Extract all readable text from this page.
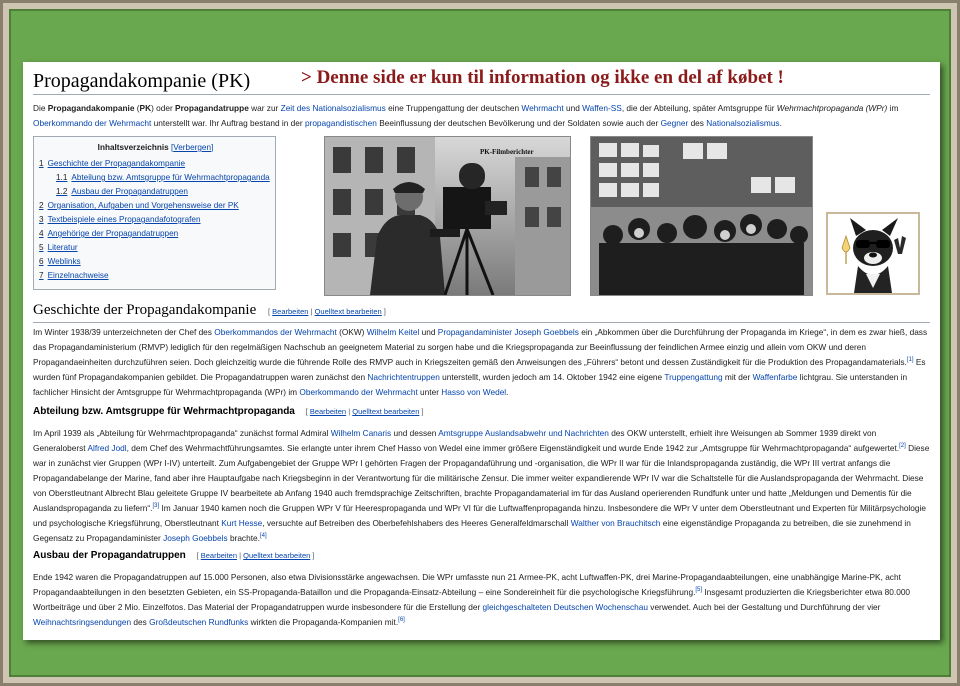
Propagandakompanie (PK)	> Denne side er kun til information og ikke en del af købet !
Die Propagandakompanie (PK) oder Propagandatruppe war zur Zeit des Nationalsozialismus eine Truppengattung der deutschen Wehrmacht und Waffen-SS, die der Abteilung, später Amtsgruppe für Wehrmachtpropaganda (WPr) im Oberkommando der Wehrmacht unterstellt war. Ihr Auftrag bestand in der propagandistischen Beeinflussung der deutschen Bevölkerung und der Soldaten sowie auch der Gegner des Nationalsozialismus.
Inhaltsverzeichnis [Verbergen]
1 Geschichte der Propagandakompanie
1.1 Abteilung bzw. Amtsgruppe für Wehrmachtpropaganda
1.2 Ausbau der Propagandatruppen
2 Organisation, Aufgaben und Vorgehensweise der PK
3 Textbeispiele eines Propagandafotografen
4 Angehörige der Propagandatruppen
5 Literatur
6 Weblinks
7 Einzelnachweise
PK-Filmberichter
Geschichte der Propagandakompanie [ Bearbeiten | Quelltext bearbeiten ]
Im Winter 1938/39 unterzeichneten der Chef des Oberkommandos der Wehrmacht (OKW) Wilhelm Keitel und Propagandaminister Joseph Goebbels ein „Abkommen über die Durchführung der Propaganda im Kriege“, in dem es zwar hieß, dass das Propagandaministerium (RMVP) lediglich für den regelmäßigen Nachschub an geeignetem Material zu sorgen habe und die Kriegspropaganda zur Beeinflussung der feindlichen Armee einzig und allein vom OKW und deren Propagandaeinheiten durchzuführen seien. Doch gleichzeitig wurde die führende Rolle des RMVP auch in Kriegszeiten gemäß den Anweisungen des „Führers“ betont und dessen Zuständigkeit für die Produktion des Propagandamaterials.[1] Es wurden fünf Propagandakompanien gebildet. Die Propagandatruppen waren zunächst den Nachrichtentruppen unterstellt, wurden jedoch am 14. Oktober 1942 eine eigene Truppengattung mit der Waffenfarbe lichtgrau. Sie unterstanden in fachlicher Hinsicht der Amtsgruppe für Wehrmachtpropaganda (WPr) im Oberkommando der Wehrmacht unter Hasso von Wedel.
Abteilung bzw. Amtsgruppe für Wehrmachtpropaganda [ Bearbeiten | Quelltext bearbeiten ]
Im April 1939 als „Abteilung für Wehrmachtpropaganda“ zunächst formal Admiral Wilhelm Canaris und dessen Amtsgruppe Auslandsabwehr und Nachrichten des OKW unterstellt, erhielt ihre Weisungen ab Sommer 1939 direkt von Generaloberst Alfred Jodl, dem Chef des Wehrmachtführungsamtes. Sie erlangte unter ihrem Chef Hasso von Wedel eine immer größere Eigenständigkeit und wurde Ende 1942 zur „Amtsgruppe für Wehrmachtpropaganda“ aufgewertet.[2] Diese war in zunächst vier Gruppen (WPr I-IV) unterteilt. Zum Aufgabengebiet der Gruppe WPr I gehörten Fragen der Propagandaführung und -organisation, die WPr II war für die Inlandspropaganda zuständig, die WPr III vertrat anfangs die Propagandabelange der Marine, fand aber ihre Hauptaufgabe nach Kriegsbeginn in der Verantwortung für die militärische Zensur. Die immer weiter expandierende WPr IV war die Schaltstelle für die Auslandspropaganda der Wehrmacht. Diese von Oberstleutnant Albrecht Blau geleitete Gruppe IV bearbeitete ab Anfang 1940 auch fremdsprachige Zeitschriften, brachte Propagandamaterial im für das Ausland operierenden Rundfunk unter und hatte „Meldungen und Dementis für die Auslandspropaganda zu liefern“.[3] Im Januar 1940 kamen noch die Gruppen WPr V für Heerespropaganda und WPr VI für die Luftwaffenpropaganda hinzu. Insbesondere die WPr V unter dem Oberstleutnant und Experten für Militärpsychologie und psychologische Kriegsführung, Oberstleutnant Kurt Hesse, versuchte auf Betreiben des Oberbefehlshabers des Heeres Generalfeldmarschall Walther von Brauchitsch eine eigenständige Propaganda zu betreiben, die sie zunehmend in Gegensatz zu Propagandaminister Joseph Goebbels brachte.[4]
Ausbau der Propagandatruppen [ Bearbeiten | Quelltext bearbeiten ]
Ende 1942 waren die Propagandatruppen auf 15.000 Personen, also etwa Divisionsstärke angewachsen. Die WPr umfasste nun 21 Armee-PK, acht Luftwaffen-PK, drei Marine-Propagandaabteilungen, eine unabhängige Marine-PK, acht Propagandaabteilungen in den besetzten Gebieten, ein SS-Propaganda-Bataillon und die Propaganda-Einsatz-Abteilung – eine Sondereinheit für die psychologische Kriegsführung.[5] Insgesamt produzierten die Kriegsberichter etwa 80.000 Wortbeiträge und über 2 Mio. Einzelfotos. Das Material der Propagandatruppen wurde insbesondere für die Erstellung der gleichgeschalteten Deutschen Wochenschau verwendet. Auch bei der Gestaltung und Durchführung der vier Weihnachtsringsendungen des Großdeutschen Rundfunks wirkten die Propaganda-Kompanien mit.[6]
